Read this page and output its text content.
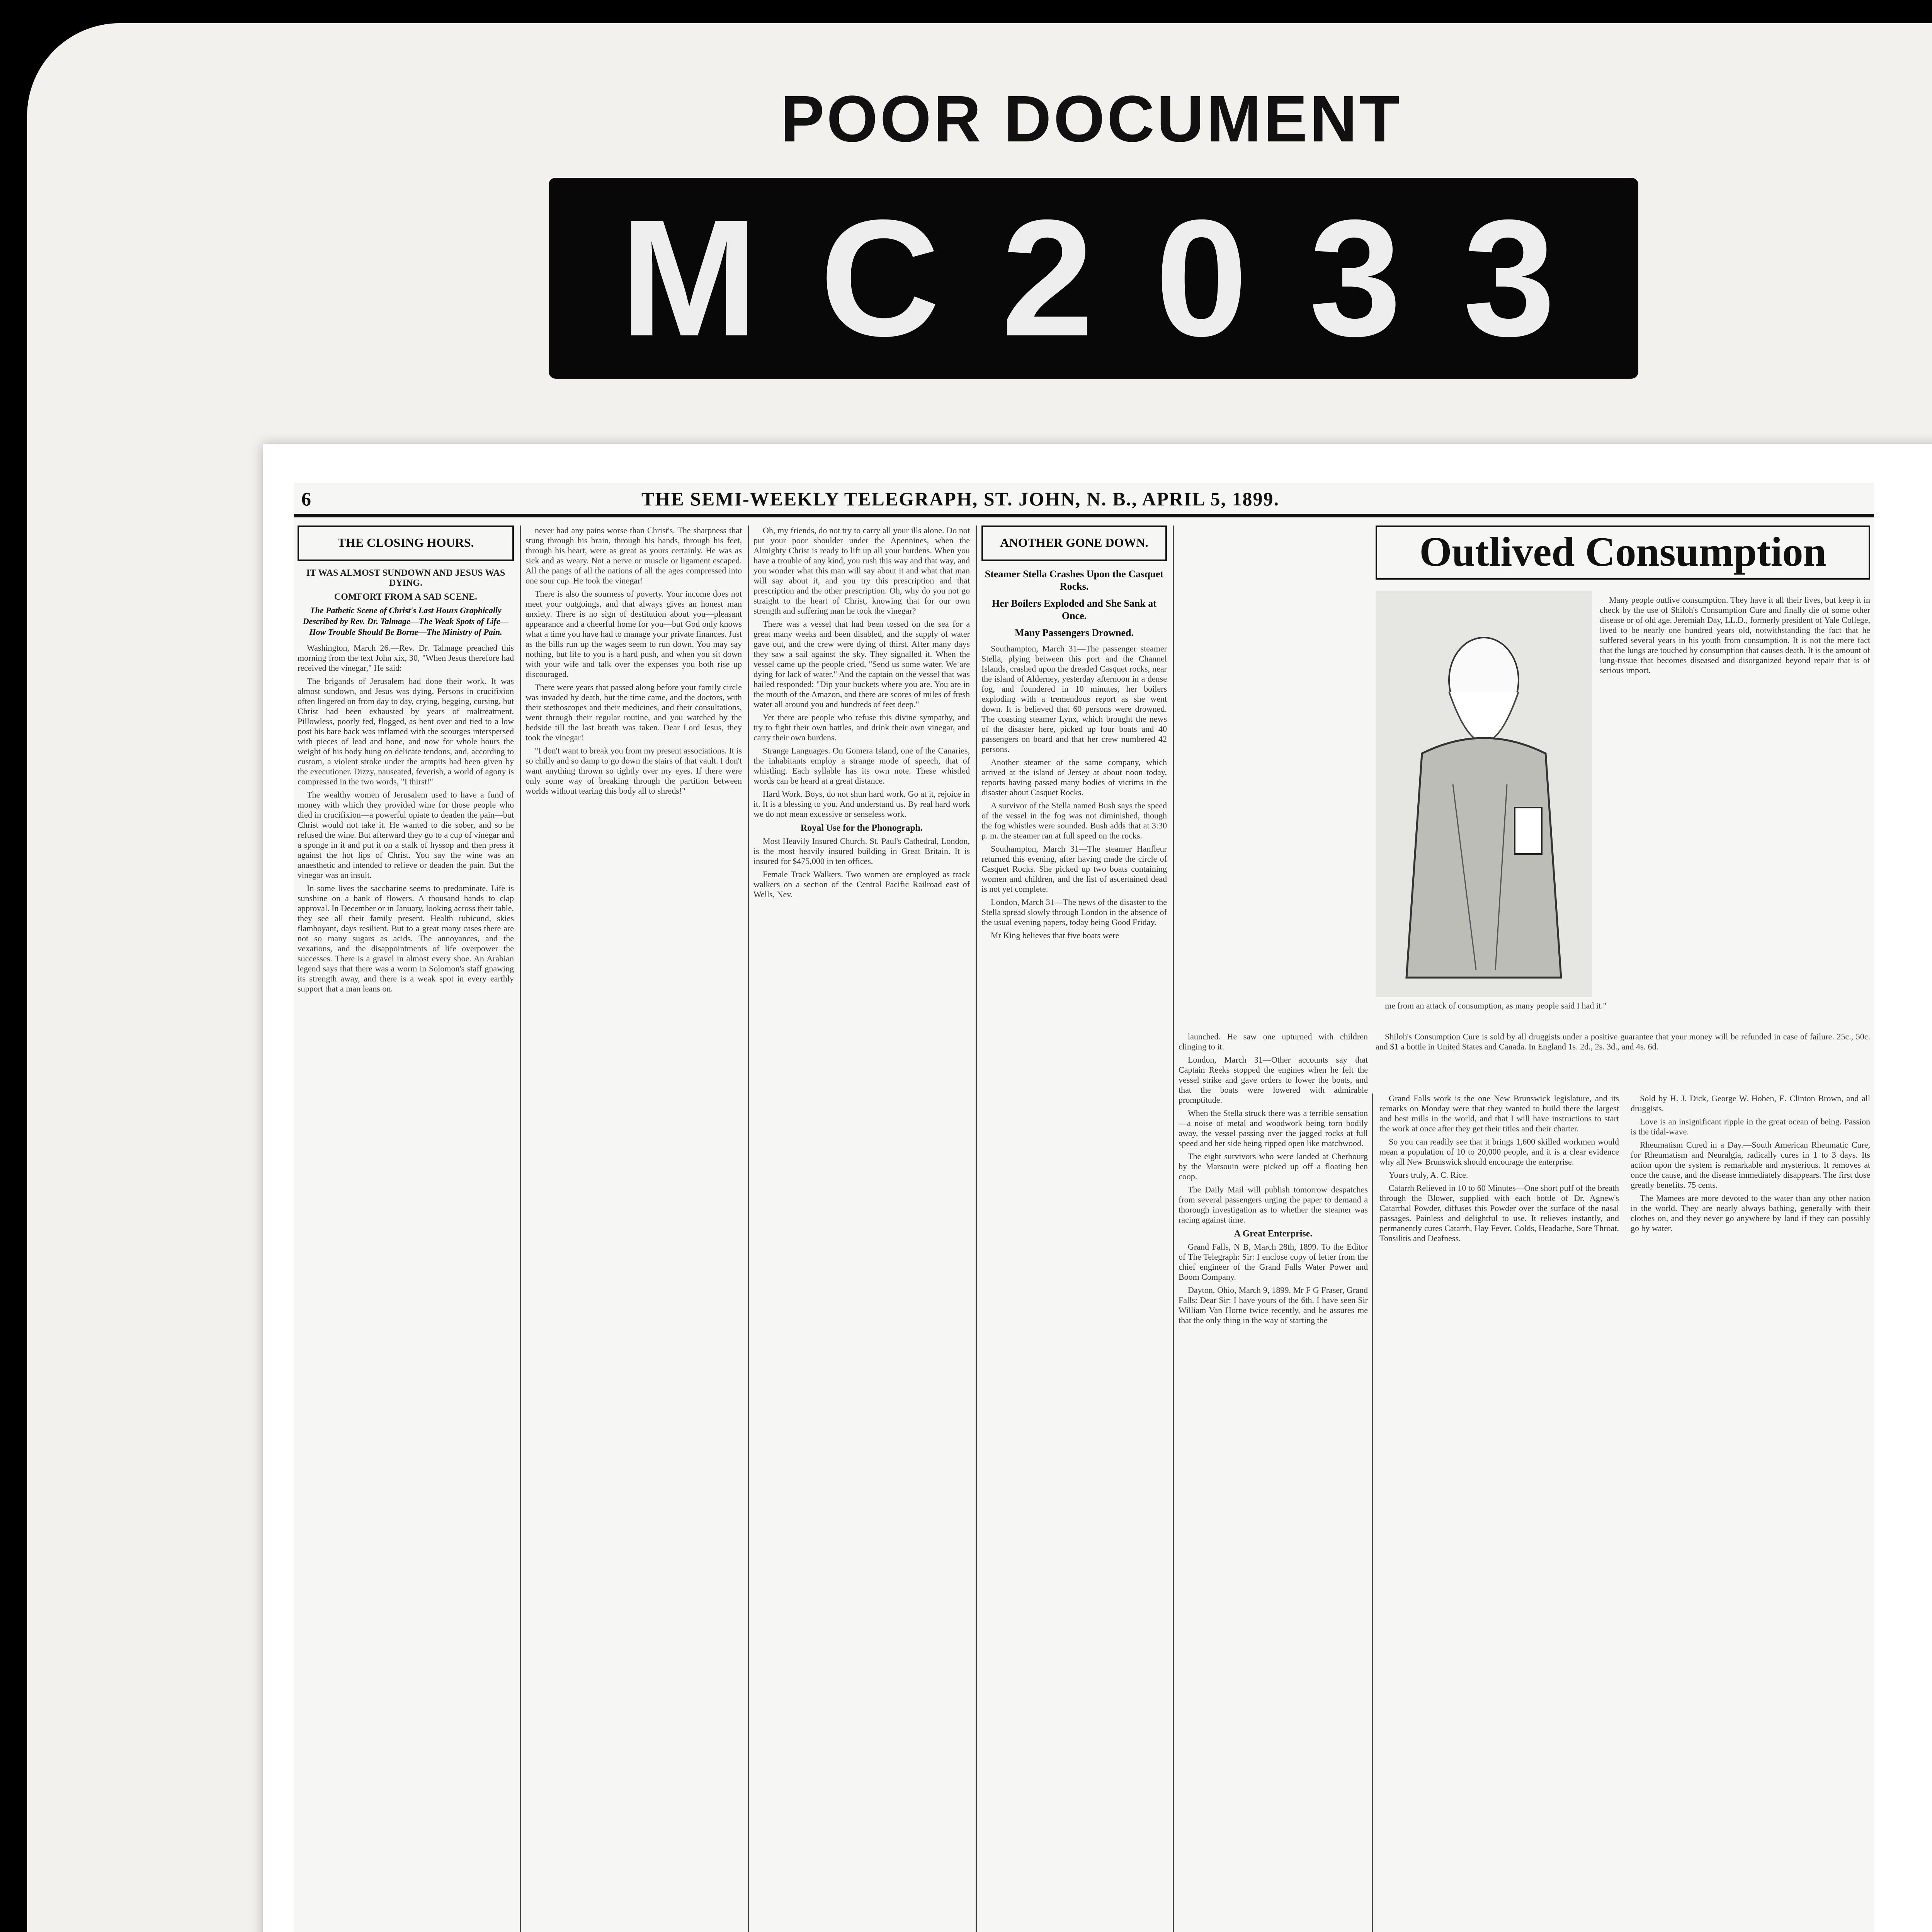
POOR DOCUMENT
M C 2 0 3 3
6	THE SEMI-WEEKLY TELEGRAPH, ST. JOHN, N. B., APRIL 5, 1899.
THE CLOSING HOURS.
IT WAS ALMOST SUNDOWN AND JESUS WAS DYING.
COMFORT FROM A SAD SCENE.
The Pathetic Scene of Christ's Last Hours Graphically Described by Rev. Dr. Talmage—The Weak Spots of Life—How Trouble Should Be Borne—The Ministry of Pain.

Washington, March 26.—Rev. Dr. Talmage preached this morning from the text John xix, 30, "When Jesus therefore had received the vinegar," He said:

The brigands of Jerusalem had done their work. It was almost sundown, and Jesus was dying. Persons in crucifixion often lingered on from day to day, crying, begging, cursing, but Christ had been exhausted by years of maltreatment. Pillowless, poorly fed, flogged, as bent over and tied to a low post his bare back was inflamed with the scourges interspersed with pieces of lead and bone, and now for whole hours the weight of his body hung on delicate tendons, and, according to custom, a violent stroke under the armpits had been given by the executioner. Dizzy, nauseated, feverish, a world of agony is compressed in the two words, "I thirst!"

The wealthy women of Jerusalem used to have a fund of money with which they provided wine for those people who died in crucifixion—a powerful opiate to deaden the pain—but Christ would not take it. He wanted to die sober, and so he refused the wine. But afterward they go to a cup of vinegar and a sponge in it and put it on a stalk of hyssop and then press it against the hot lips of Christ. You say the wine was an anaesthetic and intended to relieve or deaden the pain. But the vinegar was an insult.

In some lives the saccharine seems to predominate. Life is sunshine on a bank of flowers. A thousand hands to clap approval. In December or in January, looking across their table, they see all their family present. Health rubicund, skies flamboyant, days resilient. But to a great many cases there are not so many sugars as acids. The annoyances, and the vexations, and the disappointments of life overpower the successes. There is a gravel in almost every shoe. An Arabian legend says that there was a worm in Solomon's staff gnawing its strength away, and there is a weak spot in every earthly support that a man leans on.

never had any pains worse than Christ's. The sharpness that stung through his brain, through his hands, through his feet, through his heart, were as great as yours certainly. He was as sick and as weary. Not a nerve or muscle or ligament escaped. All the pangs of all the nations of all the ages compressed into one sour cup. He took the vinegar!

There is also the sourness of poverty. Your income does not meet your outgoings, and that always gives an honest man anxiety. There is no sign of destitution about you—pleasant appearance and a cheerful home for you—but God only knows what a time you have had to manage your private finances. Just as the bills run up the wages seem to run down. You may say nothing, but life to you is a hard push, and when you sit down with your wife and talk over the expenses you both rise up discouraged.

There were years that passed along before your family circle was invaded by death, but the time came, and the doctors, with their stethoscopes and their medicines, and their consultations, went through their regular routine, and you watched by the bedside till the last breath was taken. Dear Lord Jesus, they took the vinegar!

"I don't want to break you from my present associations. It is so chilly and so damp to go down the stairs of that vault. I don't want anything thrown so tightly over my eyes. If there were only some way of breaking through the partition between worlds without tearing this body all to shreds!"

Oh, my friends, do not try to carry all your ills alone. Do not put your poor shoulder under the Apennines, when the Almighty Christ is ready to lift up all your burdens. When you have a trouble of any kind, you rush this way and that way, and you wonder what this man will say about it and what that man will say about it, and you try this prescription and that prescription and the other prescription. Oh, why do you not go straight to the heart of Christ, knowing that for our own strength and suffering man he took the vinegar?

There was a vessel that had been tossed on the sea for a great many weeks and been disabled, and the supply of water gave out, and the crew were dying of thirst. After many days they saw a sail against the sky. They signalled it. When the vessel came up the people cried, "Send us some water. We are dying for lack of water." And the captain on the vessel that was hailed responded: "Dip your buckets where you are. You are in the mouth of the Amazon, and there are scores of miles of fresh water all around you and hundreds of feet deep."

Yet there are people who refuse this divine sympathy, and try to fight their own battles, and drink their own vinegar, and carry their own burdens.

Strange Languages. On Gomera Island, one of the Canaries, the inhabitants employ a strange mode of speech, that of whistling. Each syllable has its own note. These whistled words can be heard at a great distance.

Hard Work. Boys, do not shun hard work. Go at it, rejoice in it. It is a blessing to you. And understand us. By real hard work we do not mean excessive or senseless work.

Royal Use for the Phonograph.

Most Heavily Insured Church. St. Paul's Cathedral, London, is the most heavily insured building in Great Britain. It is insured for $475,000 in ten offices.

Female Track Walkers. Two women are employed as track walkers on a section of the Central Pacific Railroad east of Wells, Nev.

ANOTHER GONE DOWN.
Steamer Stella Crashes Upon the Casquet Rocks.
Her Boilers Exploded and She Sank at Once.
Many Passengers Drowned.

Southampton, March 31—The passenger steamer Stella, plying between this port and the Channel Islands, crashed upon the dreaded Casquet rocks, near the island of Alderney, yesterday afternoon in a dense fog, and foundered in 10 minutes, her boilers exploding with a tremendous report as she went down. It is believed that 60 persons were drowned. The coasting steamer Lynx, which brought the news of the disaster here, picked up four boats and 40 passengers on board and that her crew numbered 42 persons.

Another steamer of the same company, which arrived at the island of Jersey at about noon today, reports having passed many bodies of victims in the disaster about Casquet Rocks.

A survivor of the Stella named Bush says the speed of the vessel in the fog was not diminished, though the fog whistles were sounded. Bush adds that at 3:30 p. m. the steamer ran at full speed on the rocks.

Southampton, March 31—The steamer Hanfleur returned this evening, after having made the circle of Casquet Rocks. She picked up two boats containing women and children, and the list of ascertained dead is not yet complete.

London, March 31—The news of the disaster to the Stella spread slowly through London in the absence of the usual evening papers, today being Good Friday.

Mr King believes that five boats were

launched. He saw one upturned with children clinging to it.

London, March 31—Other accounts say that Captain Reeks stopped the engines when he felt the vessel strike and gave orders to lower the boats, and that the boats were lowered with admirable promptitude.

When the Stella struck there was a terrible sensation—a noise of metal and woodwork being torn bodily away, the vessel passing over the jagged rocks at full speed and her side being ripped open like matchwood.

The eight survivors who were landed at Cherbourg by the Marsouin were picked up off a floating hen coop.

The Daily Mail will publish tomorrow despatches from several passengers urging the paper to demand a thorough investigation as to whether the steamer was racing against time.

A Great Enterprise.

Grand Falls, N B, March 28th, 1899. To the Editor of The Telegraph: Sir: I enclose copy of letter from the chief engineer of the Grand Falls Water Power and Boom Company.

Dayton, Ohio, March 9, 1899. Mr F G Fraser, Grand Falls: Dear Sir: I have yours of the 6th. I have seen Sir William Van Horne twice recently, and he assures me that the only thing in the way of starting the

Outlived Consumption

Many people outlive consumption. They have it all their lives, but keep it in check by the use of Shiloh's Consumption Cure and finally die of some other disease or of old age. Jeremiah Day, LL.D., formerly president of Yale College, lived to be nearly one hundred years old, notwithstanding the fact that he suffered several years in his youth from consumption. It is not the mere fact that the lungs are touched by consumption that causes death. It is the amount of lung-tissue that becomes diseased and disorganized beyond repair that is of serious import.

me from an attack of consumption, as many people said I had it."

Shiloh's Consumption Cure is sold by all druggists under a positive guarantee that your money will be refunded in case of failure. 25c., 50c. and $1 a bottle in United States and Canada. In England 1s. 2d., 2s. 3d., and 4s. 6d.

Grand Falls work is the one New Brunswick legislature, and its remarks on Monday were that they wanted to build there the largest and best mills in the world, and that I will have instructions to start the work at once after they get their titles and their charter.

So you can readily see that it brings 1,600 skilled workmen would mean a population of 10 to 20,000 people, and it is a clear evidence why all New Brunswick should encourage the enterprise.

Yours truly, A. C. Rice.

Catarrh Relieved in 10 to 60 Minutes—One short puff of the breath through the Blower, supplied with each bottle of Dr. Agnew's Catarrhal Powder, diffuses this Powder over the surface of the nasal passages. Painless and delightful to use. It relieves instantly, and permanently cures Catarrh, Hay Fever, Colds, Headache, Sore Throat, Tonsilitis and Deafness.

Sold by H. J. Dick, George W. Hoben, E. Clinton Brown, and all druggists.

Love is an insignificant ripple in the great ocean of being. Passion is the tidal-wave.

Rheumatism Cured in a Day.—South American Rheumatic Cure, for Rheumatism and Neuralgia, radically cures in 1 to 3 days. Its action upon the system is remarkable and mysterious. It removes at once the cause, and the disease immediately disappears. The first dose greatly benefits. 75 cents.

The Mamees are more devoted to the water than any other nation in the world. They are nearly always bathing, generally with their clothes on, and they never go anywhere by land if they can possibly go by water.
